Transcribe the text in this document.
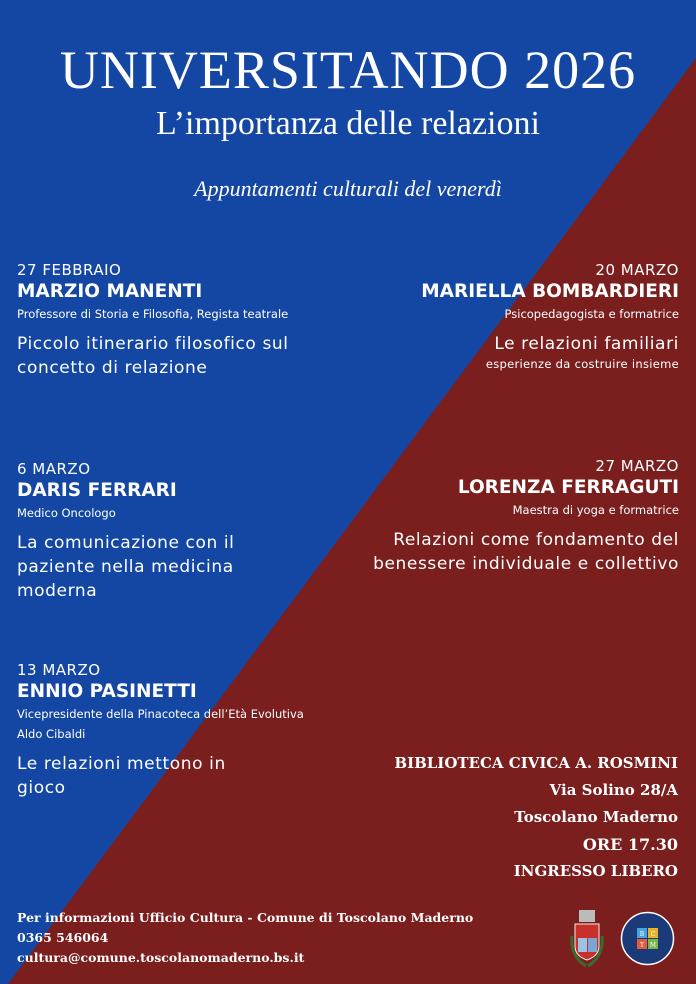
UNIVERSITANDO 2026
L’importanza delle relazioni
Appuntamenti culturali del venerdì
27 FEBBRAIO
MARZIO MANENTI
Professore di Storia e Filosofia, Regista teatrale
Piccolo itinerario filosofico sul concetto di relazione
20 MARZO
MARIELLA BOMBARDIERI
Psicopedagogista e formatrice
Le relazioni familiari
esperienze da costruire insieme
6 MARZO
DARIS FERRARI
Medico Oncologo
La comunicazione con il paziente nella medicina moderna
27 MARZO
LORENZA FERRAGUTI
Maestra di yoga e formatrice
Relazioni come fondamento del benessere individuale e collettivo
13 MARZO
ENNIO PASINETTI
Vicepresidente della Pinacoteca dell’Età Evolutiva Aldo Cibaldi
Le relazioni mettono in gioco
BIBLIOTECA CIVICA A. ROSMINI
Via Solino 28/A
Toscolano Maderno
ORE 17.30
INGRESSO LIBERO
Per informazioni Ufficio Cultura - Comune di Toscolano Maderno
0365 546064
cultura@comune.toscolanomaderno.bs.it
B C
T M
